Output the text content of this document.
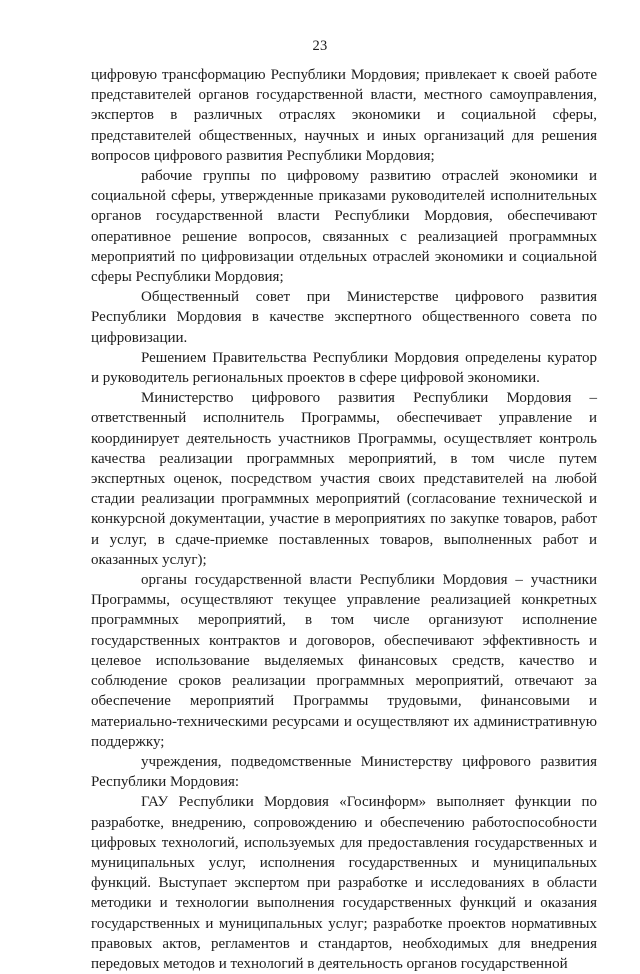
23

цифровую трансформацию Республики Мордовия; привлекает к своей работе представителей органов государственной власти, местного самоуправления, экспертов в различных отраслях экономики и социальной сферы, представителей общественных, научных и иных организаций для решения вопросов цифрового развития Республики Мордовия;

рабочие группы по цифровому развитию отраслей экономики и социальной сферы, утвержденные приказами руководителей исполнительных органов государственной власти Республики Мордовия, обеспечивают оперативное решение вопросов, связанных с реализацией программных мероприятий по цифровизации отдельных отраслей экономики и социальной сферы Республики Мордовия;

Общественный совет при Министерстве цифрового развития Республики Мордовия в качестве экспертного общественного совета по цифровизации.

Решением Правительства Республики Мордовия определены куратор и руководитель региональных проектов в сфере цифровой экономики.

Министерство цифрового развития Республики Мордовия – ответственный исполнитель Программы, обеспечивает управление и координирует деятельность участников Программы, осуществляет контроль качества реализации программных мероприятий, в том числе путем экспертных оценок, посредством участия своих представителей на любой стадии реализации программных мероприятий (согласование технической и конкурсной документации, участие в мероприятиях по закупке товаров, работ и услуг, в сдаче-приемке поставленных товаров, выполненных работ и оказанных услуг);

органы государственной власти Республики Мордовия – участники Программы, осуществляют текущее управление реализацией конкретных программных мероприятий, в том числе организуют исполнение государственных контрактов и договоров, обеспечивают эффективность и целевое использование выделяемых финансовых средств, качество и соблюдение сроков реализации программных мероприятий, отвечают за обеспечение мероприятий Программы трудовыми, финансовыми и материально-техническими ресурсами и осуществляют их административную поддержку;

учреждения, подведомственные Министерству цифрового развития Республики Мордовия:

ГАУ Республики Мордовия «Госинформ» выполняет функции по разработке, внедрению, сопровождению и обеспечению работоспособности цифровых технологий, используемых для предоставления государственных и муниципальных услуг, исполнения государственных и муниципальных функций. Выступает экспертом при разработке и исследованиях в области методики и технологии выполнения государственных функций и оказания государственных и муниципальных услуг; разработке проектов нормативных правовых актов, регламентов и стандартов, необходимых для внедрения передовых методов и технологий в деятельность органов государственной
